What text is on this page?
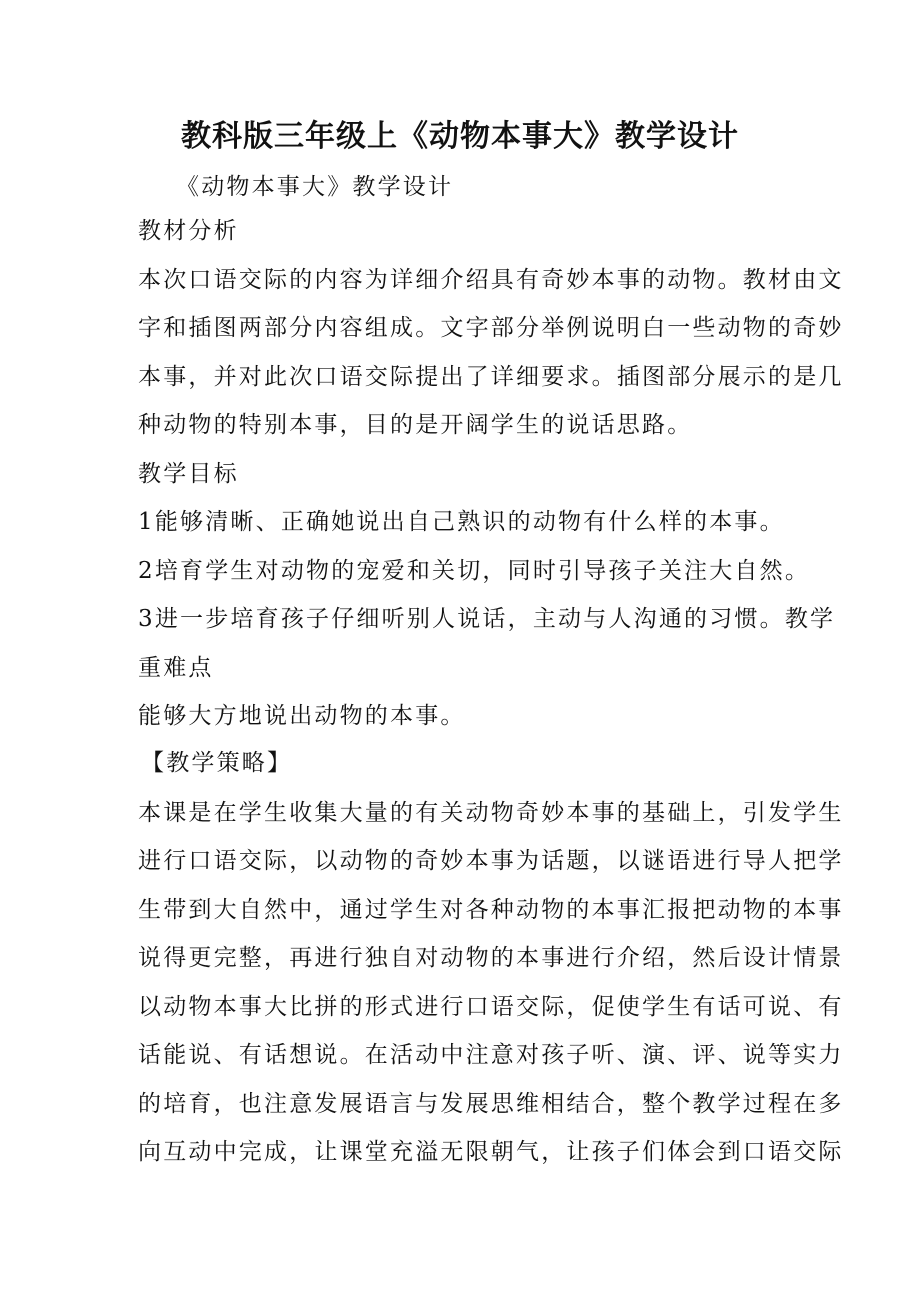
教科版三年级上《动物本事大》教学设计
《动物本事大》教学设计
教材分析
本次口语交际的内容为详细介绍具有奇妙本事的动物。教材由文
字和插图两部分内容组成。文字部分举例说明白一些动物的奇妙
本事，并对此次口语交际提出了详细要求。插图部分展示的是几
种动物的特别本事，目的是开阔学生的说话思路。
教学目标
1能够清晰、正确她说出自己熟识的动物有什么样的本事。
2培育学生对动物的宠爱和关切，同时引导孩子关注大自然。
3进一步培育孩子仔细听别人说话，主动与人沟通的习惯。教学
重难点
能够大方地说出动物的本事。
【教学策略】
本课是在学生收集大量的有关动物奇妙本事的基础上，引发学生
进行口语交际，以动物的奇妙本事为话题，以谜语进行导人把学
生带到大自然中，通过学生对各种动物的本事汇报把动物的本事
说得更完整，再进行独自对动物的本事进行介绍，然后设计情景
以动物本事大比拼的形式进行口语交际，促使学生有话可说、有
话能说、有话想说。在活动中注意对孩子听、演、评、说等实力
的培育，也注意发展语言与发展思维相结合，整个教学过程在多
向互动中完成，让课堂充溢无限朝气，让孩子们体会到口语交际
